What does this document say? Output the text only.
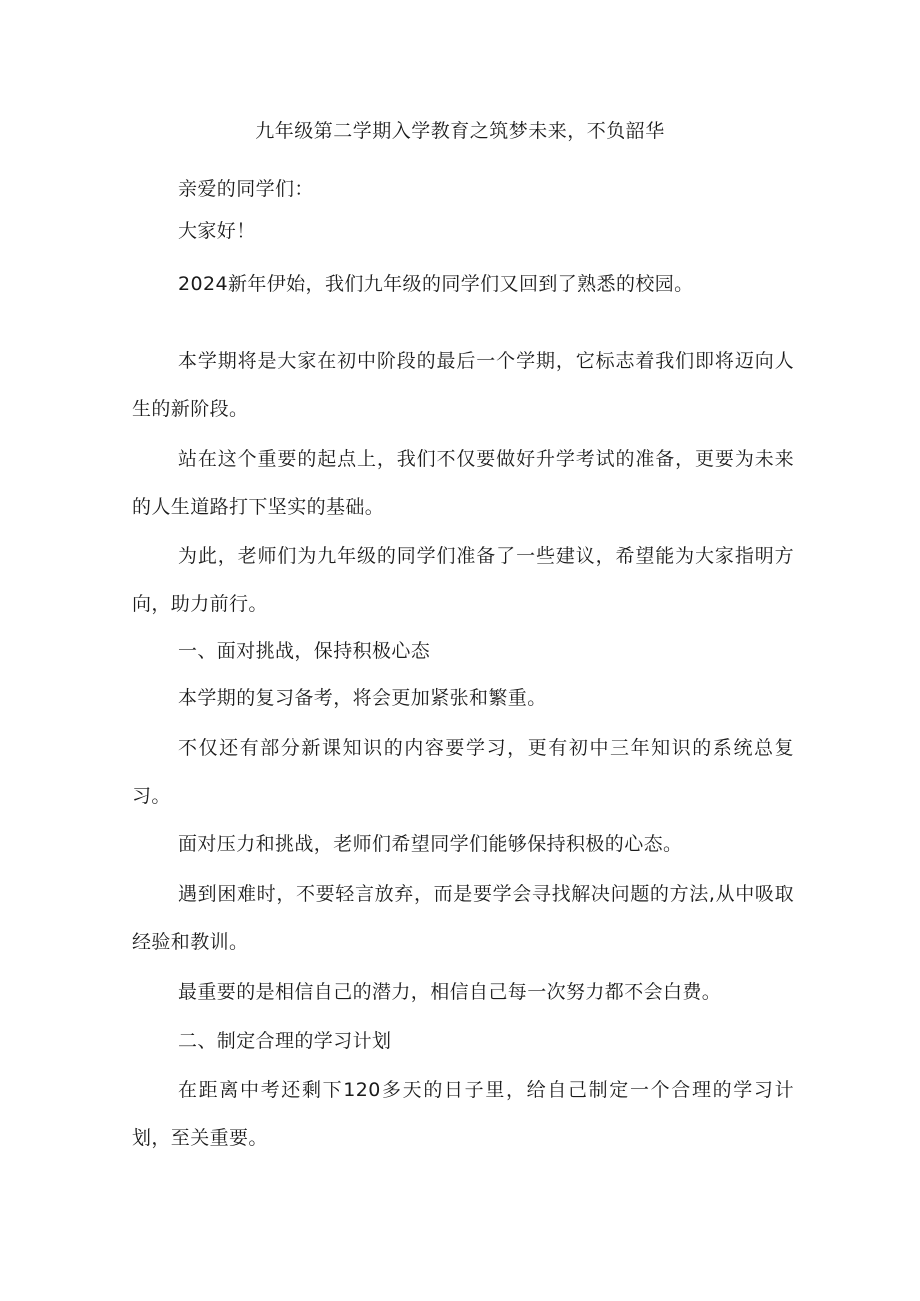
九年级第二学期入学教育之筑梦未来，不负韶华

亲爱的同学们：

大家好！

2024新年伊始，我们九年级的同学们又回到了熟悉的校园。

本学期将是大家在初中阶段的最后一个学期，它标志着我们即将迈向人生的新阶段。

站在这个重要的起点上，我们不仅要做好升学考试的准备，更要为未来的人生道路打下坚实的基础。

为此，老师们为九年级的同学们准备了一些建议，希望能为大家指明方向，助力前行。

一、面对挑战，保持积极心态

本学期的复习备考，将会更加紧张和繁重。

不仅还有部分新课知识的内容要学习，更有初中三年知识的系统总复习。

面对压力和挑战，老师们希望同学们能够保持积极的心态。

遇到困难时，不要轻言放弃，而是要学会寻找解决问题的方法,从中吸取经验和教训。

最重要的是相信自己的潜力，相信自己每一次努力都不会白费。

二、制定合理的学习计划

在距离中考还剩下120多天的日子里，给自己制定一个合理的学习计划，至关重要。
